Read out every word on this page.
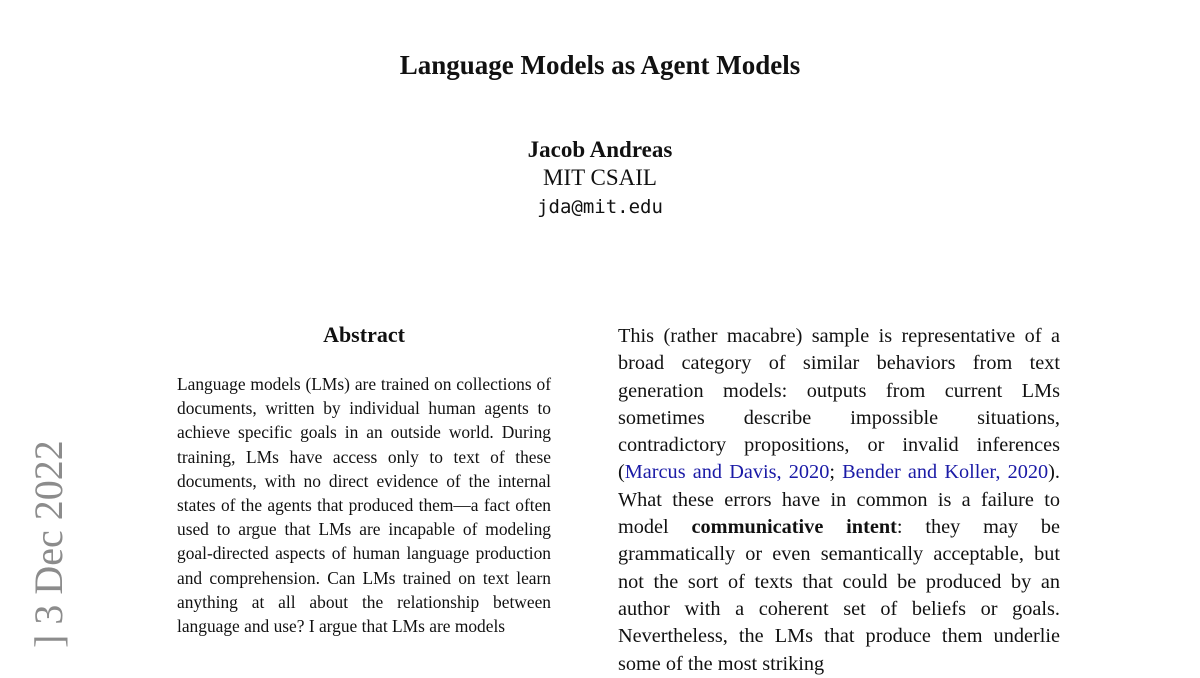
] 3 Dec 2022
Language Models as Agent Models
Jacob Andreas
MIT CSAIL
jda@mit.edu
Abstract

Language models (LMs) are trained on collections of documents, written by individual human agents to achieve specific goals in an outside world. During training, LMs have access only to text of these documents, with no direct evidence of the internal states of the agents that produced them—a fact often used to argue that LMs are incapable of modeling goal-directed aspects of human language production and comprehension. Can LMs trained on text learn anything at all about the relationship between language and use? I argue that LMs are models

This (rather macabre) sample is representative of a broad category of similar behaviors from text generation models: outputs from current LMs sometimes describe impossible situations, contradictory propositions, or invalid inferences (Marcus and Davis, 2020; Bender and Koller, 2020). What these errors have in common is a failure to model communicative intent: they may be grammatically or even semantically acceptable, but not the sort of texts that could be produced by an author with a coherent set of beliefs or goals. Nevertheless, the LMs that produce them underlie some of the most striking
